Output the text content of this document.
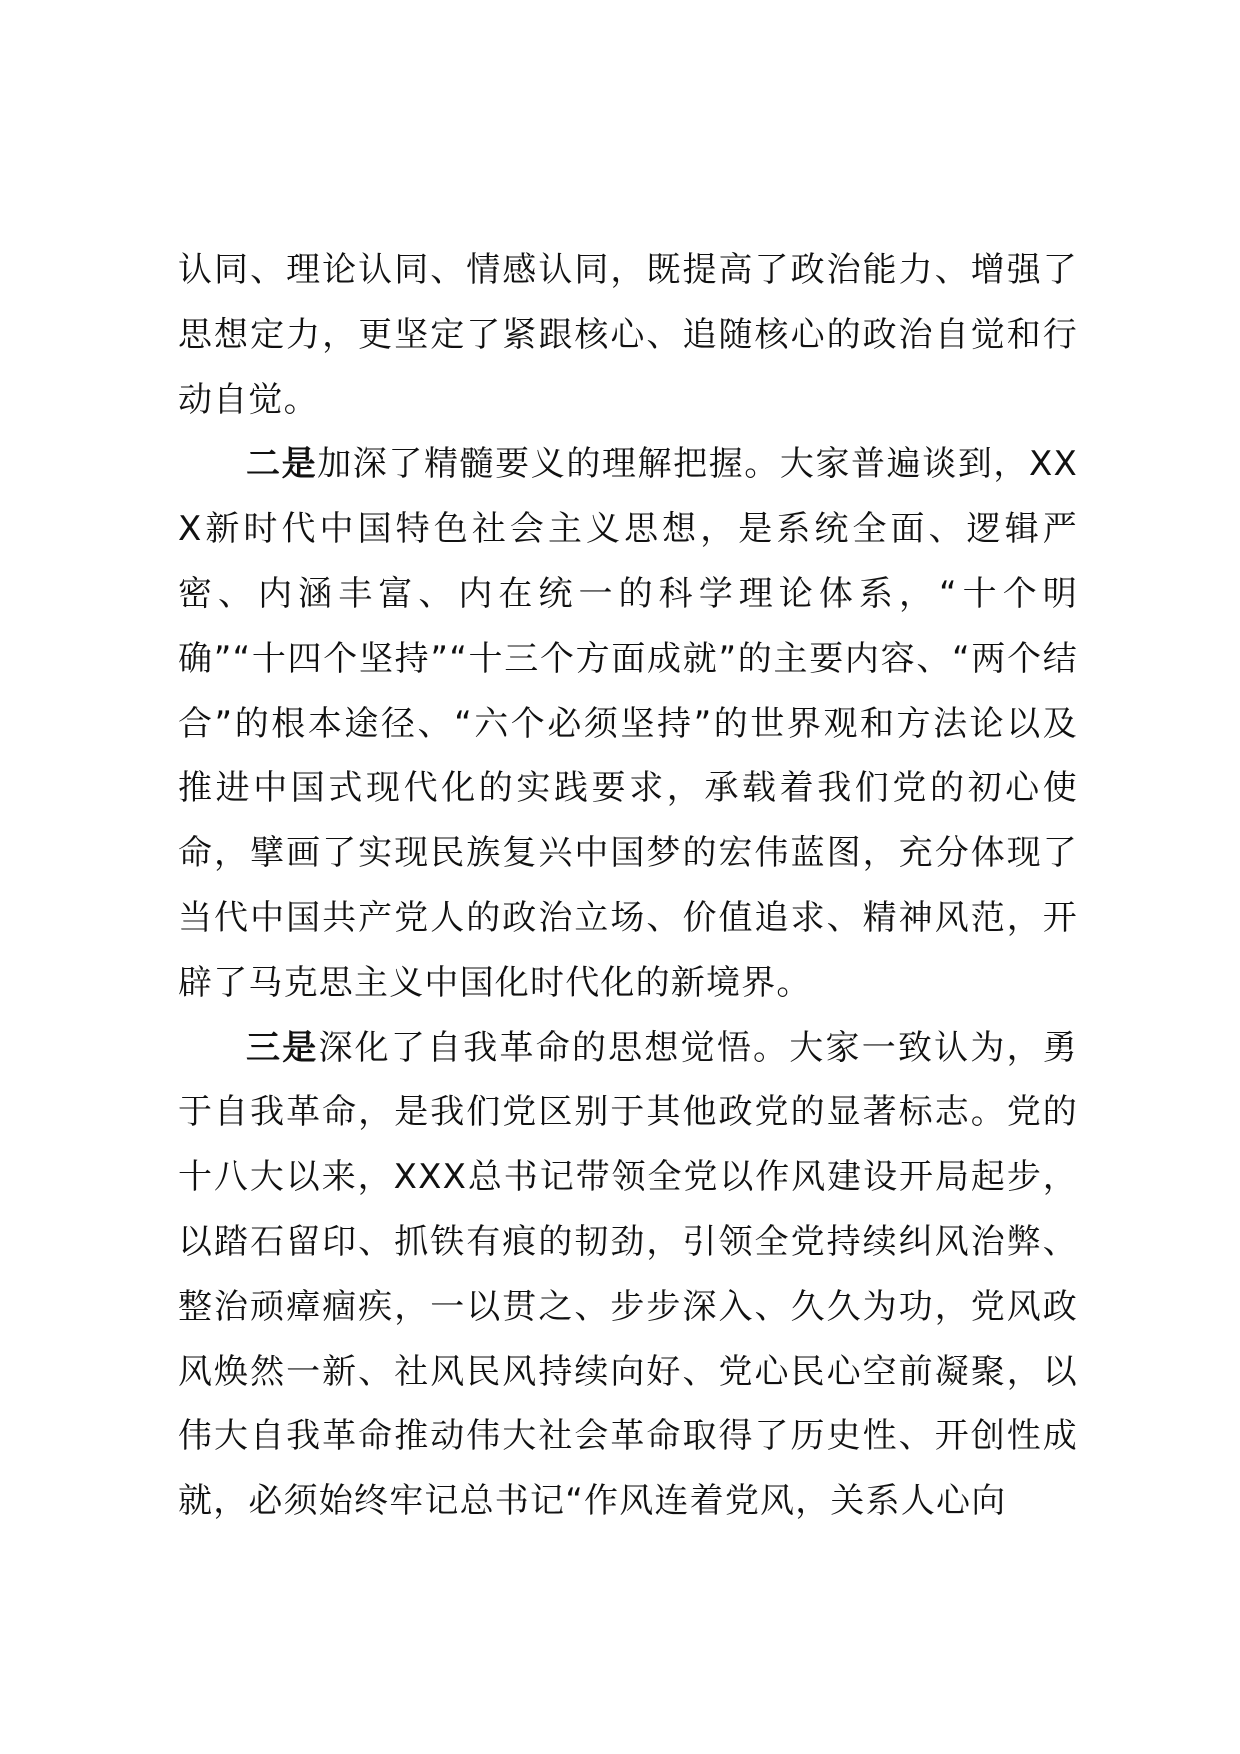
认同、理论认同、情感认同，既提高了政治能力、增强了思想定力，更坚定了紧跟核心、追随核心的政治自觉和行动自觉。

二是加深了精髓要义的理解把握。大家普遍谈到，XXX新时代中国特色社会主义思想，是系统全面、逻辑严密、内涵丰富、内在统一的科学理论体系，“十个明确”“十四个坚持”“十三个方面成就”的主要内容、“两个结合”的根本途径、“六个必须坚持”的世界观和方法论以及推进中国式现代化的实践要求，承载着我们党的初心使命，擘画了实现民族复兴中国梦的宏伟蓝图，充分体现了当代中国共产党人的政治立场、价值追求、精神风范，开辟了马克思主义中国化时代化的新境界。

三是深化了自我革命的思想觉悟。大家一致认为，勇于自我革命，是我们党区别于其他政党的显著标志。党的十八大以来，XXX总书记带领全党以作风建设开局起步，以踏石留印、抓铁有痕的韧劲，引领全党持续纠风治弊、整治顽瘴痼疾，一以贯之、步步深入、久久为功，党风政风焕然一新、社风民风持续向好、党心民心空前凝聚，以伟大自我革命推动伟大社会革命取得了历史性、开创性成就，必须始终牢记总书记“作风连着党风，关系人心向
